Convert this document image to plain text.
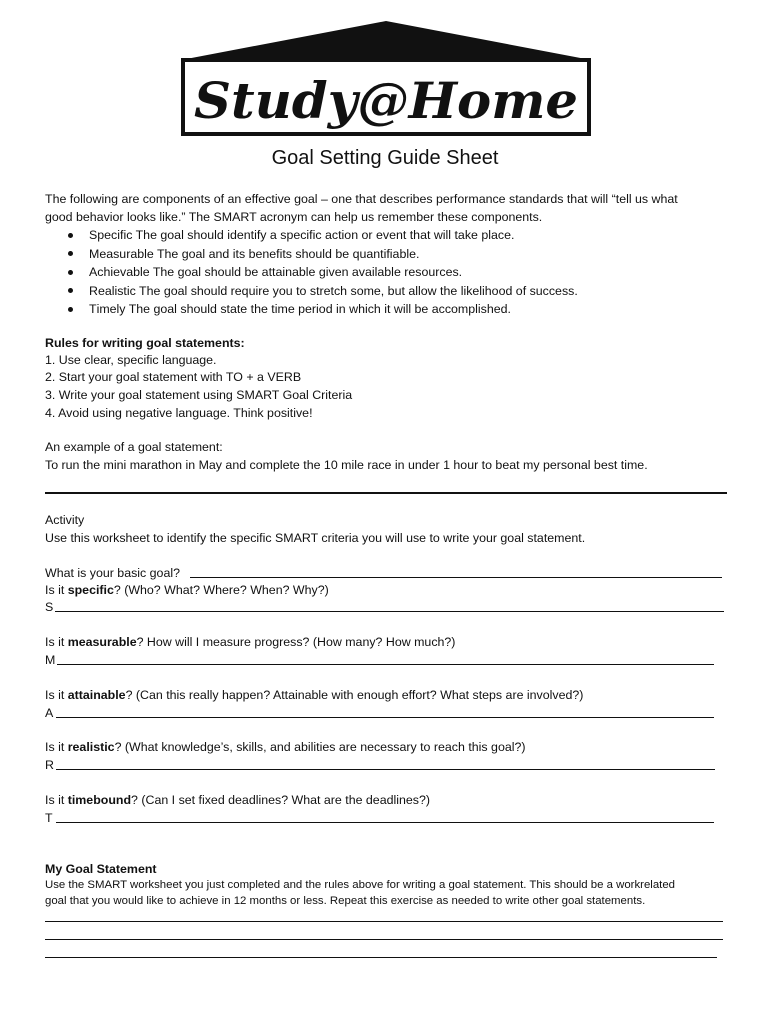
Study@Home
Goal Setting Guide Sheet
The following are components of an effective goal – one that describes performance standards that will “tell us what
good behavior looks like.” The SMART acronym can help us remember these components.
S pecific The goal should identify a specific action or event that will take place.
M easurable The goal and its benefits should be quantifiable.
A chievable The goal should be attainable given available resources.
R ealistic The goal should require you to stretch some, but allow the likelihood of success.
T imely The goal should state the time period in which it will be accomplished.
Rules for writing goal statements:
1. Use clear, specific language.
2. Start your goal statement with TO + a VERB
3. Write your goal statement using SMART Goal Criteria
4. Avoid using negative language. Think positive!
An example of a goal statement:
To run the mini marathon in May and complete the 10 mile race in under 1 hour to beat my personal best time.
Activity
Use this worksheet to identify the specific SMART criteria you will use to write your goal statement.
What is your basic goal?
Is it specific? (Who? What? Where? When? Why?)
S
Is it measurable? How will I measure progress? (How many? How much?)
M
Is it attainable? (Can this really happen? Attainable with enough effort? What steps are involved?)
A
Is it realistic? (What knowledge’s, skills, and abilities are necessary to reach this goal?)
R
Is it timebound? (Can I set fixed deadlines? What are the deadlines?)
T
My Goal Statement
Use the SMART worksheet you just completed and the rules above for writing a goal statement. This should be a workrelated
goal that you would like to achieve in 12 months or less. Repeat this exercise as needed to write other goal statements.
